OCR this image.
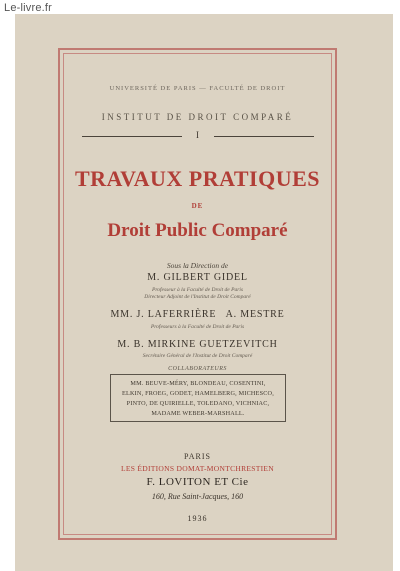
Le-livre.fr
UNIVERSITÉ DE PARIS — FACULTÉ DE DROIT
INSTITUT DE DROIT COMPARÉ
I
TRAVAUX PRATIQUES
DE
Droit Public Comparé
Sous la Direction de
M. GILBERT GIDEL
Professeur à la Faculté de Droit de Paris
Directeur Adjoint de l'Institut de Droit Comparé
MM. J. LAFERRIÈRE   A. MESTRE
Professeurs à la Faculté de Droit de Paris
M. B. MIRKINE GUETZEVITCH
Secrétaire Général de l'Institut de Droit Comparé
COLLABORATEURS
MM. BEUVE-MÉRY, BLONDEAU, COSENTINI,
ELKIN, FROEG, GODET, HAMELBERG, MICHESCO,
PINTO, DE QUIRIELLE, TOLEDANO, VICHNIAC,
MADAME WEBER-MARSHALL.
PARIS
LES ÉDITIONS DOMAT-MONTCHRESTIEN
F. LOVITON ET Cie
160, Rue Saint-Jacques, 160
1936
